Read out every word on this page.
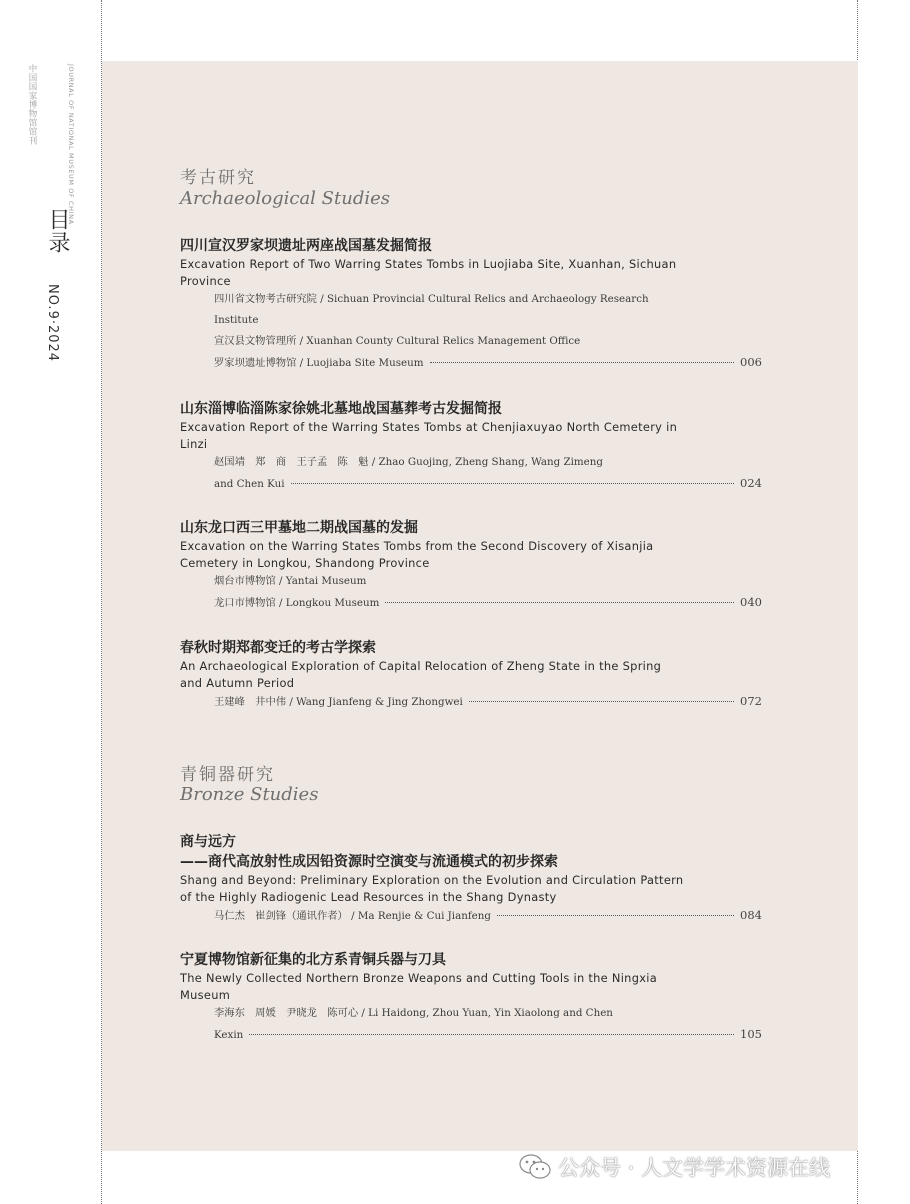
中国国家博物馆馆刊	JOURNAL OF NATIONAL MUSEUM OF CHINA
目录
NO.9·2024
考古研究
Archaeological Studies
四川宣汉罗家坝遗址两座战国墓发掘简报
Excavation Report of Two Warring States Tombs in Luojiaba Site, Xuanhan, Sichuan Province
四川省文物考古研究院 / Sichuan Provincial Cultural Relics and Archaeology Research Institute
宣汉县文物管理所 / Xuanhan County Cultural Relics Management Office
罗家坝遗址博物馆 / Luojiaba Site Museum	006
山东淄博临淄陈家徐姚北墓地战国墓葬考古发掘简报
Excavation Report of the Warring States Tombs at Chenjiaxuyao North Cemetery in Linzi
赵国靖　郑　商　王子孟　陈　魁 / Zhao Guojing, Zheng Shang, Wang Zimeng
and Chen Kui	024
山东龙口西三甲墓地二期战国墓的发掘
Excavation on the Warring States Tombs from the Second Discovery of Xisanjia Cemetery in Longkou, Shandong Province
烟台市博物馆 / Yantai Museum
龙口市博物馆 / Longkou Museum	040
春秋时期郑都变迁的考古学探索
An Archaeological Exploration of Capital Relocation of Zheng State in the Spring and Autumn Period
王建峰　井中伟 / Wang Jianfeng & Jing Zhongwei	072
青铜器研究
Bronze Studies
商与远方
——商代高放射性成因铅资源时空演变与流通模式的初步探索
Shang and Beyond: Preliminary Exploration on the Evolution and Circulation Pattern of the Highly Radiogenic Lead Resources in the Shang Dynasty
马仁杰　崔剑锋（通讯作者） / Ma Renjie & Cui Jianfeng	084
宁夏博物馆新征集的北方系青铜兵器与刀具
The Newly Collected Northern Bronze Weapons and Cutting Tools in the Ningxia Museum
李海东　周媛　尹晓龙　陈可心 / Li Haidong, Zhou Yuan, Yin Xiaolong and Chen
Kexin	105
公众号 · 人文学学术资源在线
